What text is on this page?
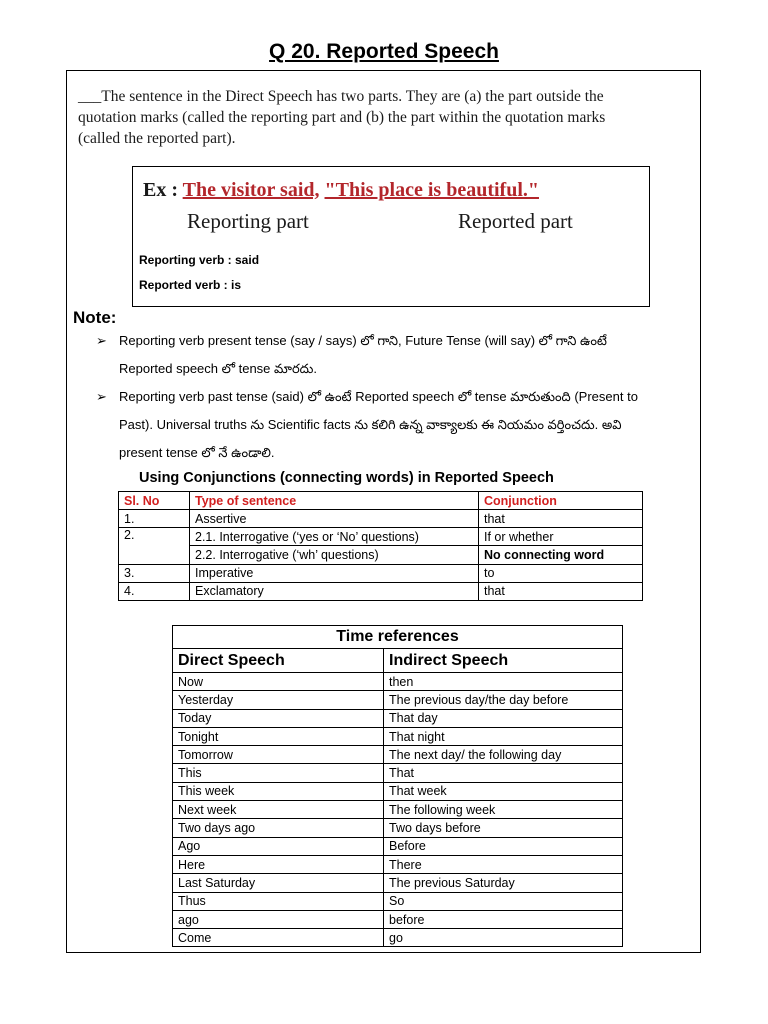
Q 20. Reported Speech
___The sentence in the Direct Speech has two parts. They are (a) the part outside the
quotation marks (called the reporting part and (b) the part within the quotation marks
(called the reported part).
Ex : The visitor said, "This place is beautiful."
Reporting part	Reported part
Reporting verb : said
Reported verb : is
Note:
➢ Reporting verb present tense (say / says) లో గాని, Future Tense (will say) లో గాని ఉంటే
Reported speech లో tense మారదు.
➢ Reporting verb past tense (said) లో ఉంటే Reported speech లో tense మారుతుంది (Present to
Past). Universal truths ను Scientific facts ను కలిగి ఉన్న వాక్యాలకు ఈ నియమం వర్తించదు. అవి
present tense లో నే ఉండాలి.
Using Conjunctions (connecting words) in Reported Speech
Sl. No	Type of sentence	Conjunction
1.	Assertive	that
2.	2.1. Interrogative (‘yes or ‘No’ questions)	If or whether
	2.2. Interrogative (‘wh’ questions)	No connecting word
3.	Imperative	to
4.	Exclamatory	that
Time references	
Direct Speech	Indirect Speech
Now	then
Yesterday	The previous day/the day before
Today	That day
Tonight	That night
Tomorrow	The next day/ the following day
This	That
This week	That week
Next week	The following week
Two days ago	Two days before
Ago	Before
Here	There
Last Saturday	The previous Saturday
Thus	So
ago	before
Come	go
